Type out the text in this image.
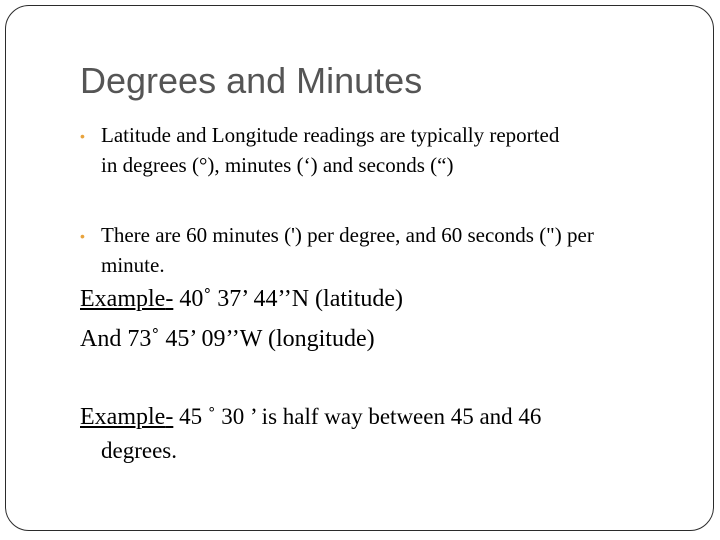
Degrees and Minutes
• Latitude and Longitude readings are typically reported
in degrees (°), minutes (‘) and seconds (“)
• There are 60 minutes (') per degree, and 60 seconds (") per
minute.
Example- 40˚ 37’ 44’’N (latitude)
And 73˚ 45’ 09’’W (longitude)
Example- 45 ˚ 30 ’ is half way between 45 and 46
degrees.
